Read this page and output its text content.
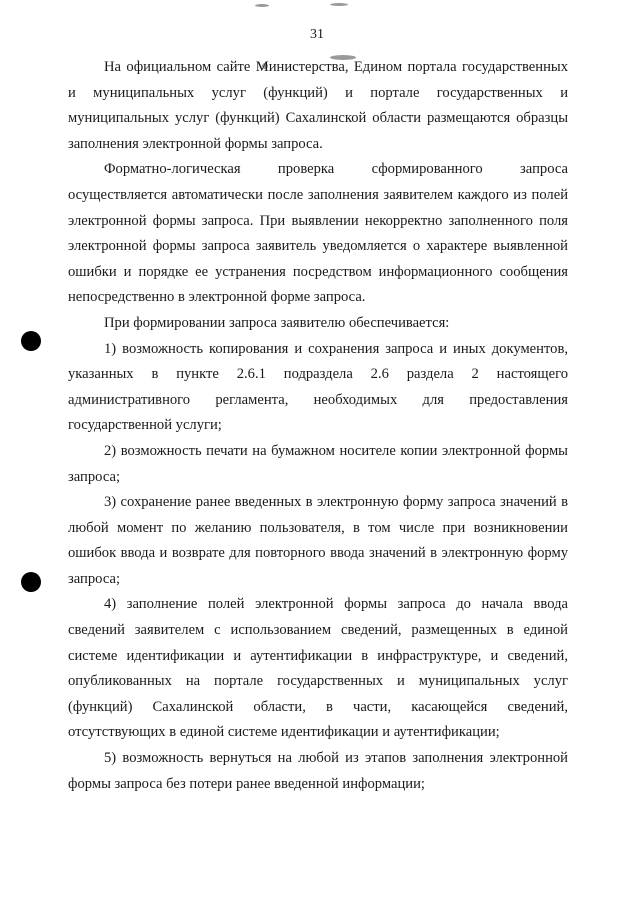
31

На официальном сайте Министерства, Едином портала государственных и муниципальных услуг (функций) и портале государственных и муниципальных услуг (функций) Сахалинской области размещаются образцы заполнения электронной формы запроса.

Форматно-логическая проверка сформированного запроса осуществляется автоматически после заполнения заявителем каждого из полей электронной формы запроса. При выявлении некорректно заполненного поля электронной формы запроса заявитель уведомляется о характере выявленной ошибки и порядке ее устранения посредством информационного сообщения непосредственно в электронной форме запроса.

При формировании запроса заявителю обеспечивается:

1) возможность копирования и сохранения запроса и иных документов, указанных в пункте 2.6.1 подраздела 2.6 раздела 2 настоящего административного регламента, необходимых для предоставления государственной услуги;

2) возможность печати на бумажном носителе копии электронной формы запроса;

3) сохранение ранее введенных в электронную форму запроса значений в любой момент по желанию пользователя, в том числе при возникновении ошибок ввода и возврате для повторного ввода значений в электронную форму запроса;

4) заполнение полей электронной формы запроса до начала ввода сведений заявителем с использованием сведений, размещенных в единой системе идентификации и аутентификации в инфраструктуре, и сведений, опубликованных на портале государственных и муниципальных услуг (функций) Сахалинской области, в части, касающейся сведений, отсутствующих в единой системе идентификации и аутентификации;

5) возможность вернуться на любой из этапов заполнения электронной формы запроса без потери ранее введенной информации;
